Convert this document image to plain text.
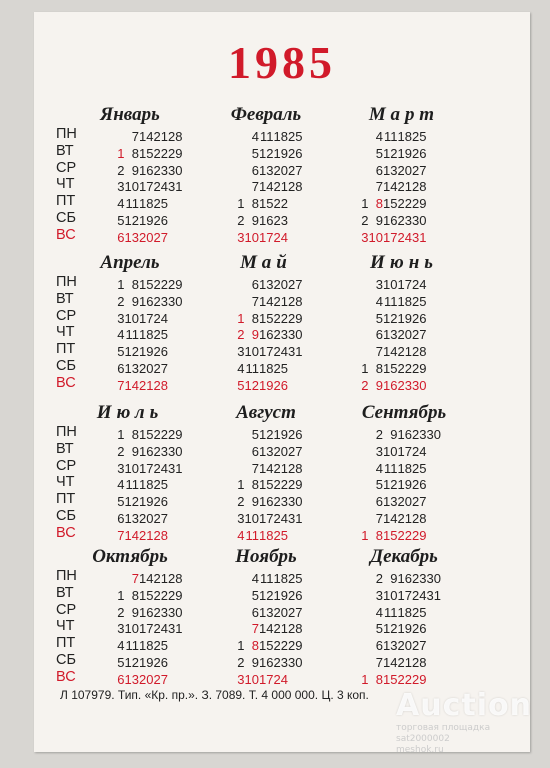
1985
ПН
ВТ
СР
ЧТ
ПТ
СБ
ВС
Январь
7142128
1 8152229
2 9162330
310172431
4111825
5121926
6132027
Февраль
4111825
5121926
6132027
7142128
1 81522
2 91623
3101724
Март
4111825
5121926
6132027
7142128
1 8152229
2 9162330
310172431
ПН
ВТ
СР
ЧТ
ПТ
СБ
ВС
Апрель
1 8152229
2 9162330
3101724
4111825
5121926
6132027
7142128
Май
6132027
7142128
1 8152229
2 9162330
310172431
4111825
5121926
Июнь
3101724
4111825
5121926
6132027
7142128
1 8152229
2 9162330
ПН
ВТ
СР
ЧТ
ПТ
СБ
ВС
Июль
1 8152229
2 9162330
310172431
4111825
5121926
6132027
7142128
Август
5121926
6132027
7142128
1 8152229
2 9162330
310172431
4111825
Сентябрь
2 9162330
3101724
4111825
5121926
6132027
7142128
1 8152229
ПН
ВТ
СР
ЧТ
ПТ
СБ
ВС
Октябрь
7142128
1 8152229
2 9162330
310172431
4111825
5121926
6132027
Ноябрь
4111825
5121926
6132027
7142128
1 8152229
2 9162330
3101724
Декабрь
2 9162330
310172431
4111825
5121926
6132027
7142128
1 8152229
Л 107979. Тип. «Кр. пр.». З. 7089. Т. 4 000 000. Ц. 3 коп. Auction
торговая площадка
sat2000002
meshok.ru
